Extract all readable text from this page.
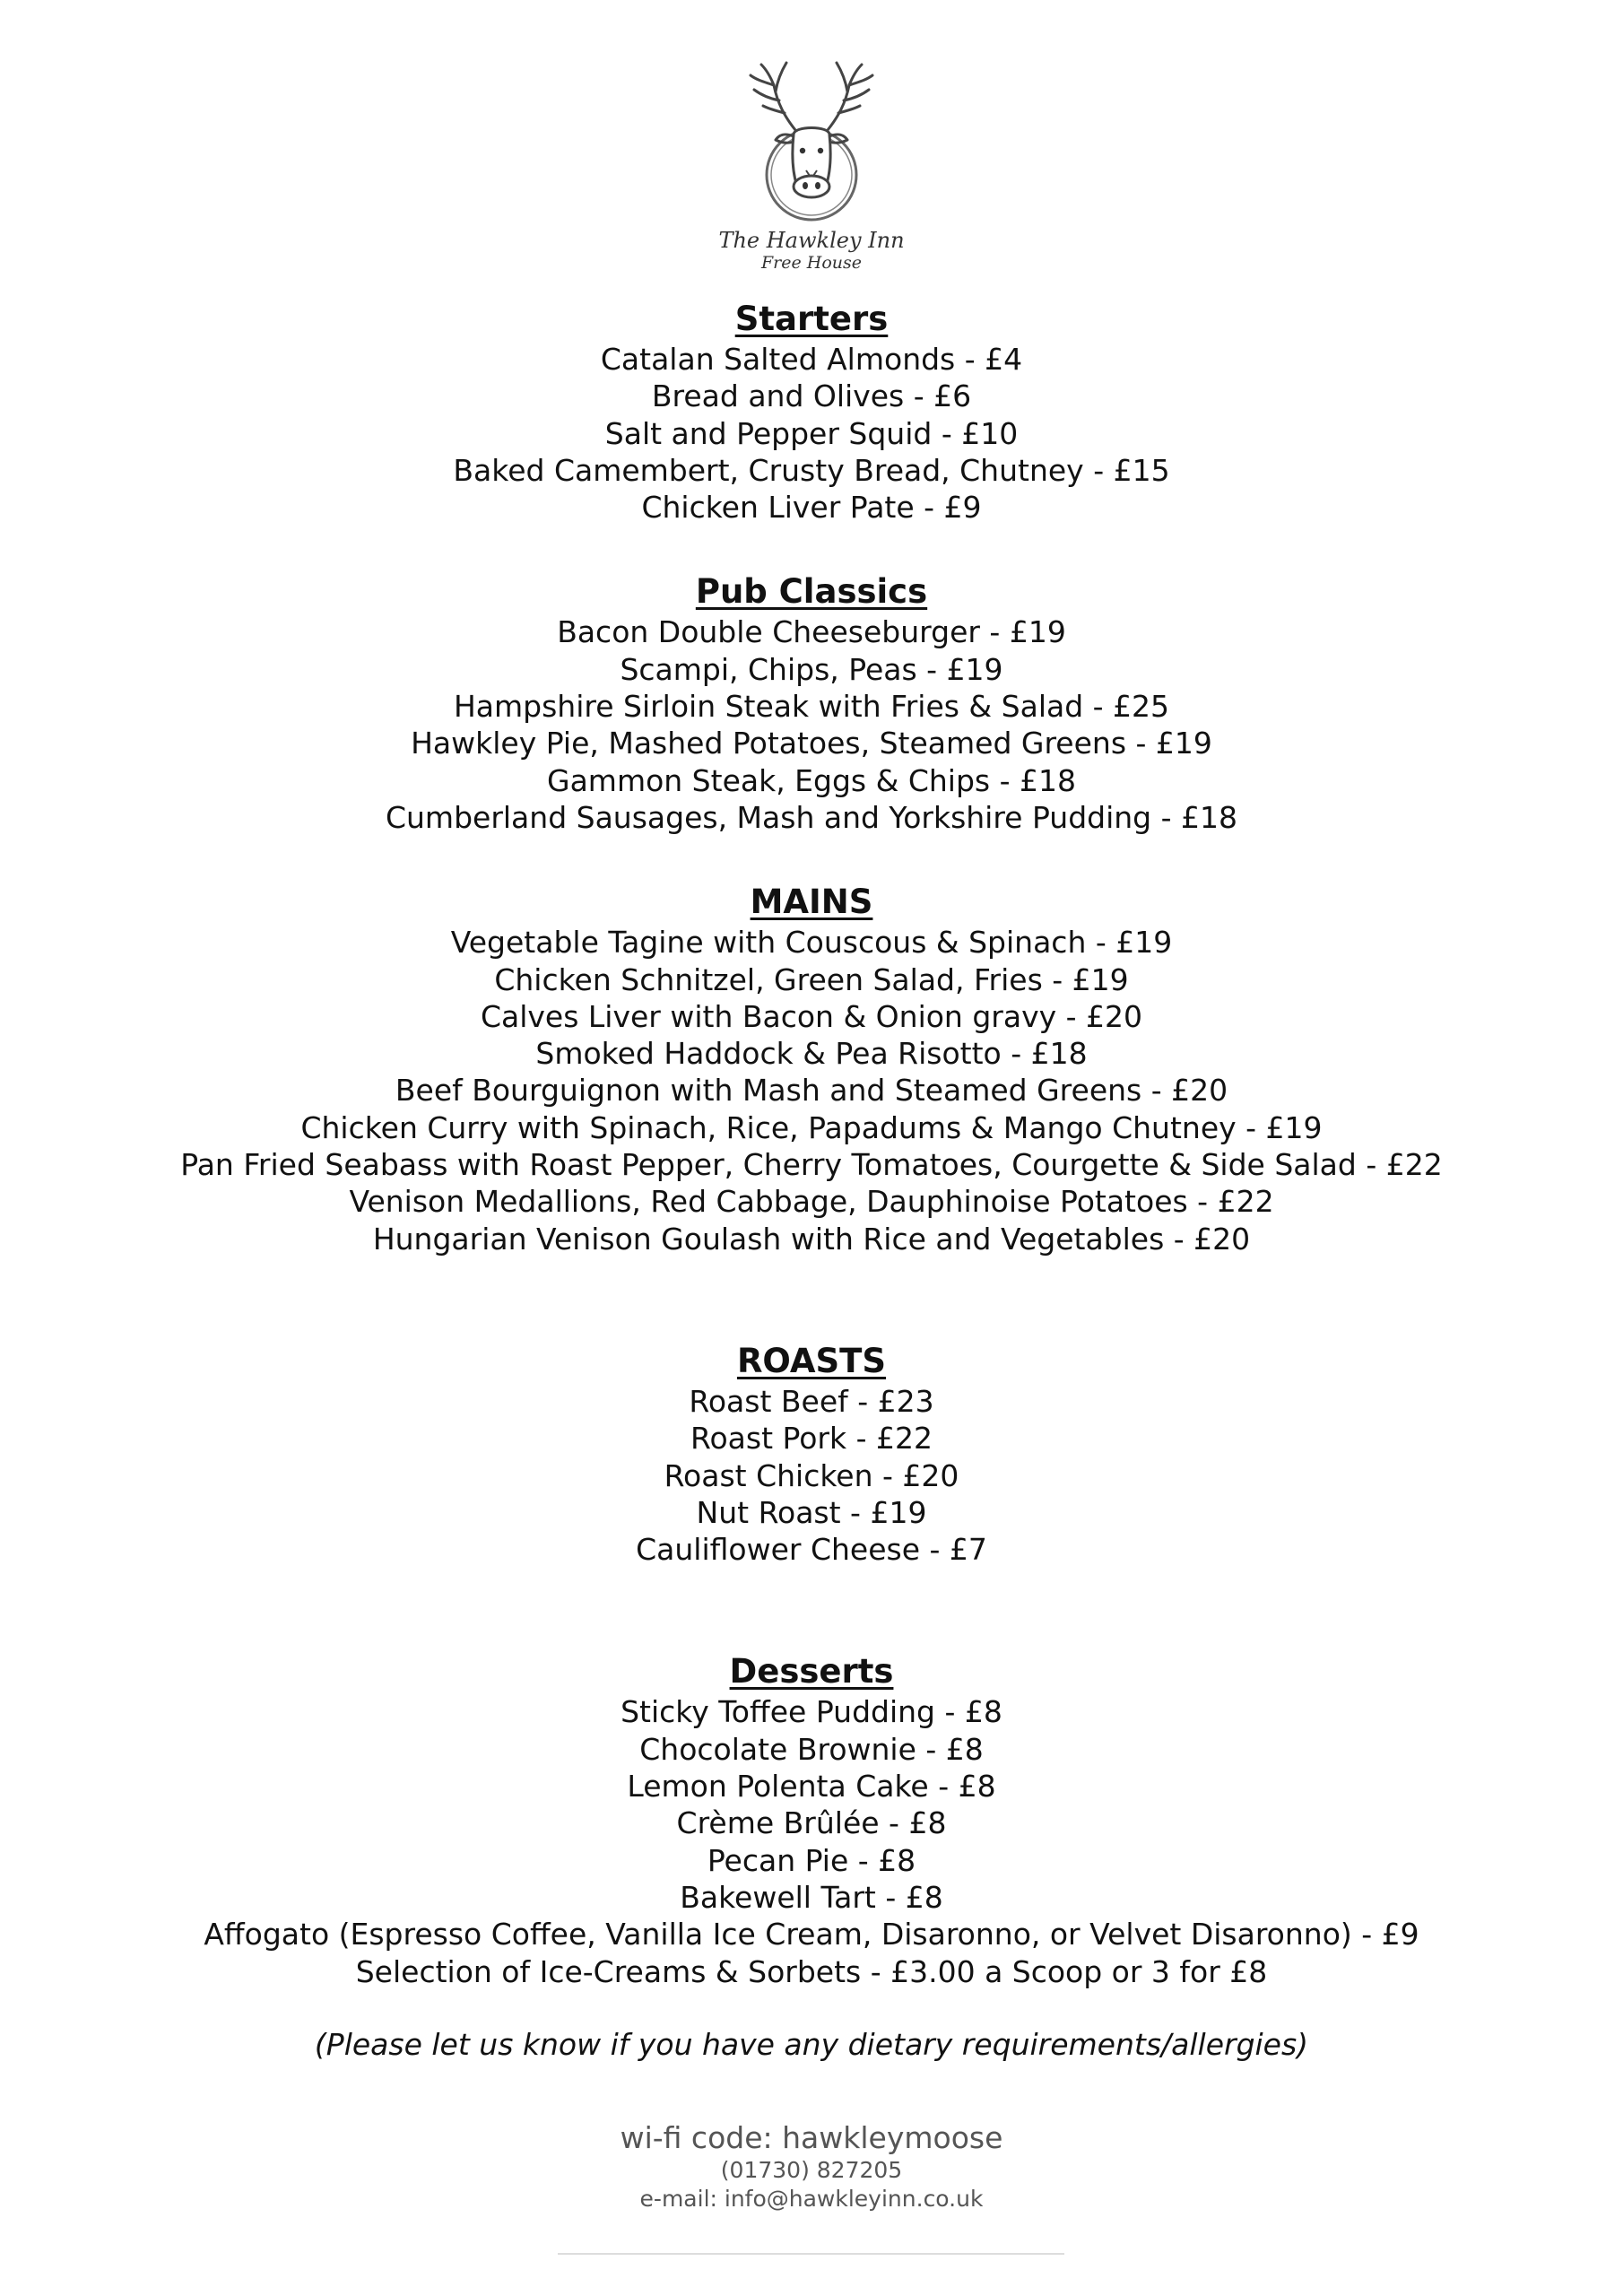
The Hawkley Inn
Free House
Starters
Catalan Salted Almonds - £4
Bread and Olives - £6
Salt and Pepper Squid - £10
Baked Camembert, Crusty Bread, Chutney - £15
Chicken Liver Pate - £9
Pub Classics
Bacon Double Cheeseburger - £19
Scampi, Chips, Peas - £19
Hampshire Sirloin Steak with Fries & Salad - £25
Hawkley Pie, Mashed Potatoes, Steamed Greens - £19
Gammon Steak, Eggs & Chips - £18
Cumberland Sausages, Mash and Yorkshire Pudding - £18
MAINS
Vegetable Tagine with Couscous & Spinach - £19
Chicken Schnitzel, Green Salad, Fries - £19
Calves Liver with Bacon & Onion gravy - £20
Smoked Haddock & Pea Risotto - £18
Beef Bourguignon with Mash and Steamed Greens - £20
Chicken Curry with Spinach, Rice, Papadums & Mango Chutney - £19
Pan Fried Seabass with Roast Pepper, Cherry Tomatoes, Courgette & Side Salad - £22
Venison Medallions, Red Cabbage, Dauphinoise Potatoes - £22
Hungarian Venison Goulash with Rice and Vegetables - £20
ROASTS
Roast Beef - £23
Roast Pork - £22
Roast Chicken - £20
Nut Roast - £19
Cauliflower Cheese - £7
Desserts
Sticky Toffee Pudding - £8
Chocolate Brownie - £8
Lemon Polenta Cake - £8
Crème Brûlée - £8
Pecan Pie - £8
Bakewell Tart - £8
Affogato (Espresso Coffee, Vanilla Ice Cream, Disaronno, or Velvet Disaronno) - £9
Selection of Ice-Creams & Sorbets - £3.00 a Scoop or 3 for £8
(Please let us know if you have any dietary requirements/allergies)
wi-fi code: hawkleymoose
(01730) 827205
e-mail: info@hawkleyinn.co.uk
